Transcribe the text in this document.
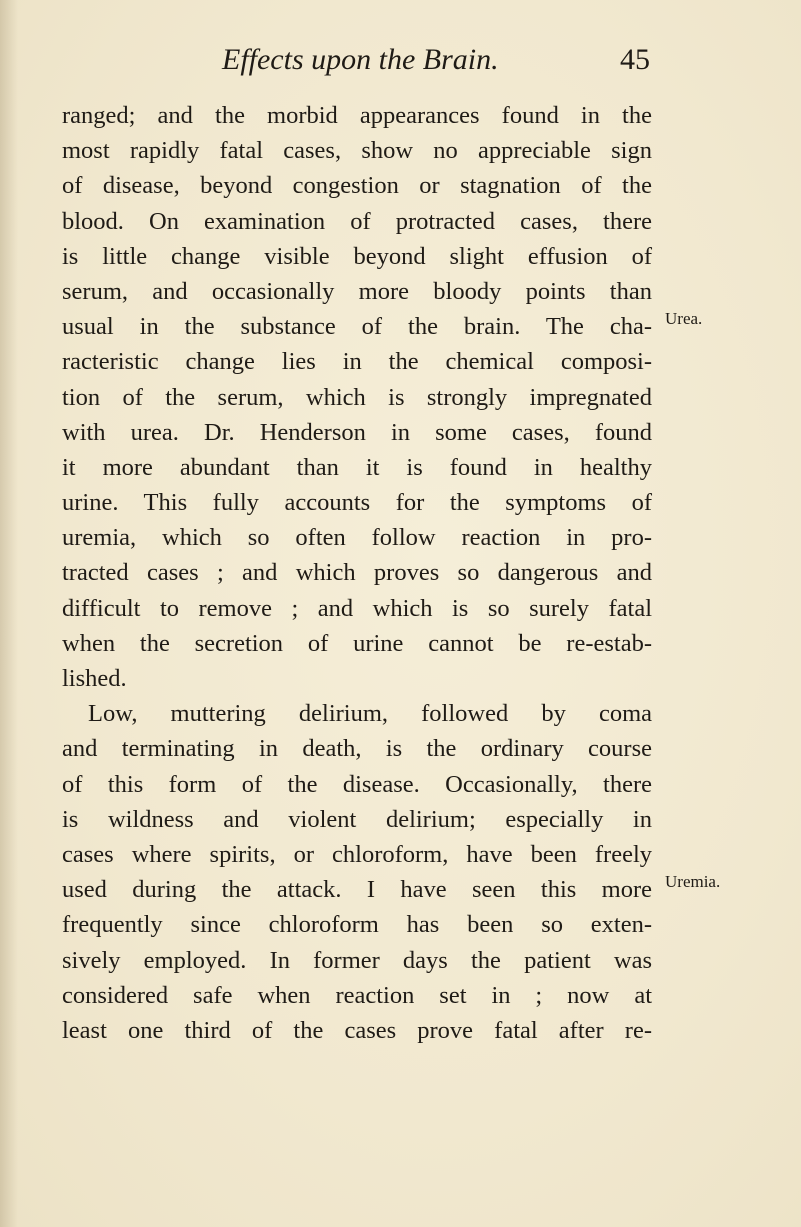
Effects upon the Brain.	45
ranged; and the morbid appearances found in the
most rapidly fatal cases, show no appreciable sign
of disease, beyond congestion or stagnation of the
blood. On examination of protracted cases, there
is little change visible beyond slight effusion of
serum, and occasionally more bloody points than
usual in the substance of the brain. The cha-
racteristic change lies in the chemical composi-
tion of the serum, which is strongly impregnated
with urea. Dr. Henderson in some cases, found
it more abundant than it is found in healthy
urine. This fully accounts for the symptoms of
uremia, which so often follow reaction in pro-
tracted cases ; and which proves so dangerous and
difficult to remove ; and which is so surely fatal
when the secretion of urine cannot be re-estab-
lished.
Low, muttering delirium, followed by coma
and terminating in death, is the ordinary course
of this form of the disease. Occasionally, there
is wildness and violent delirium; especially in
cases where spirits, or chloroform, have been freely
used during the attack. I have seen this more
frequently since chloroform has been so exten-
sively employed. In former days the patient was
considered safe when reaction set in ; now at
least one third of the cases prove fatal after re-
Urea.
Uremia.
